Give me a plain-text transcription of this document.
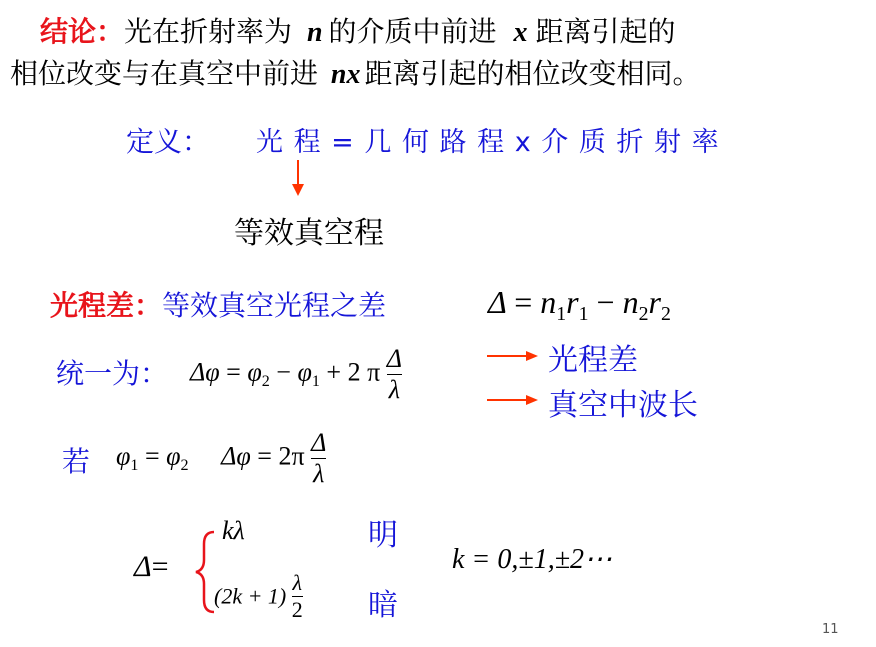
结论：光在折射率为 n 的介质中前进 x 距离引起的
相位改变与在真空中前进 nx 距离引起的相位改变相同。
定义： 光 程 = 几 何 路 程 x 介 质 折 射 率
等效真空程
光程差：等效真空光程之差	$\Delta = n_1r_1 - n_2r_2$
统一为： $\Delta\varphi = \varphi_2 - \varphi_1 + 2$ π $\frac{\Delta}{\lambda}$	光程差
真空中波长
若 $\varphi_1 = \varphi_2$ $\Delta\varphi = 2\pi \frac{\Delta}{\lambda}$
Δ=
kλ	明
$(2k + 1) \frac{\lambda}{2}$ 暗
k = 0,±1,±2⋯
11
